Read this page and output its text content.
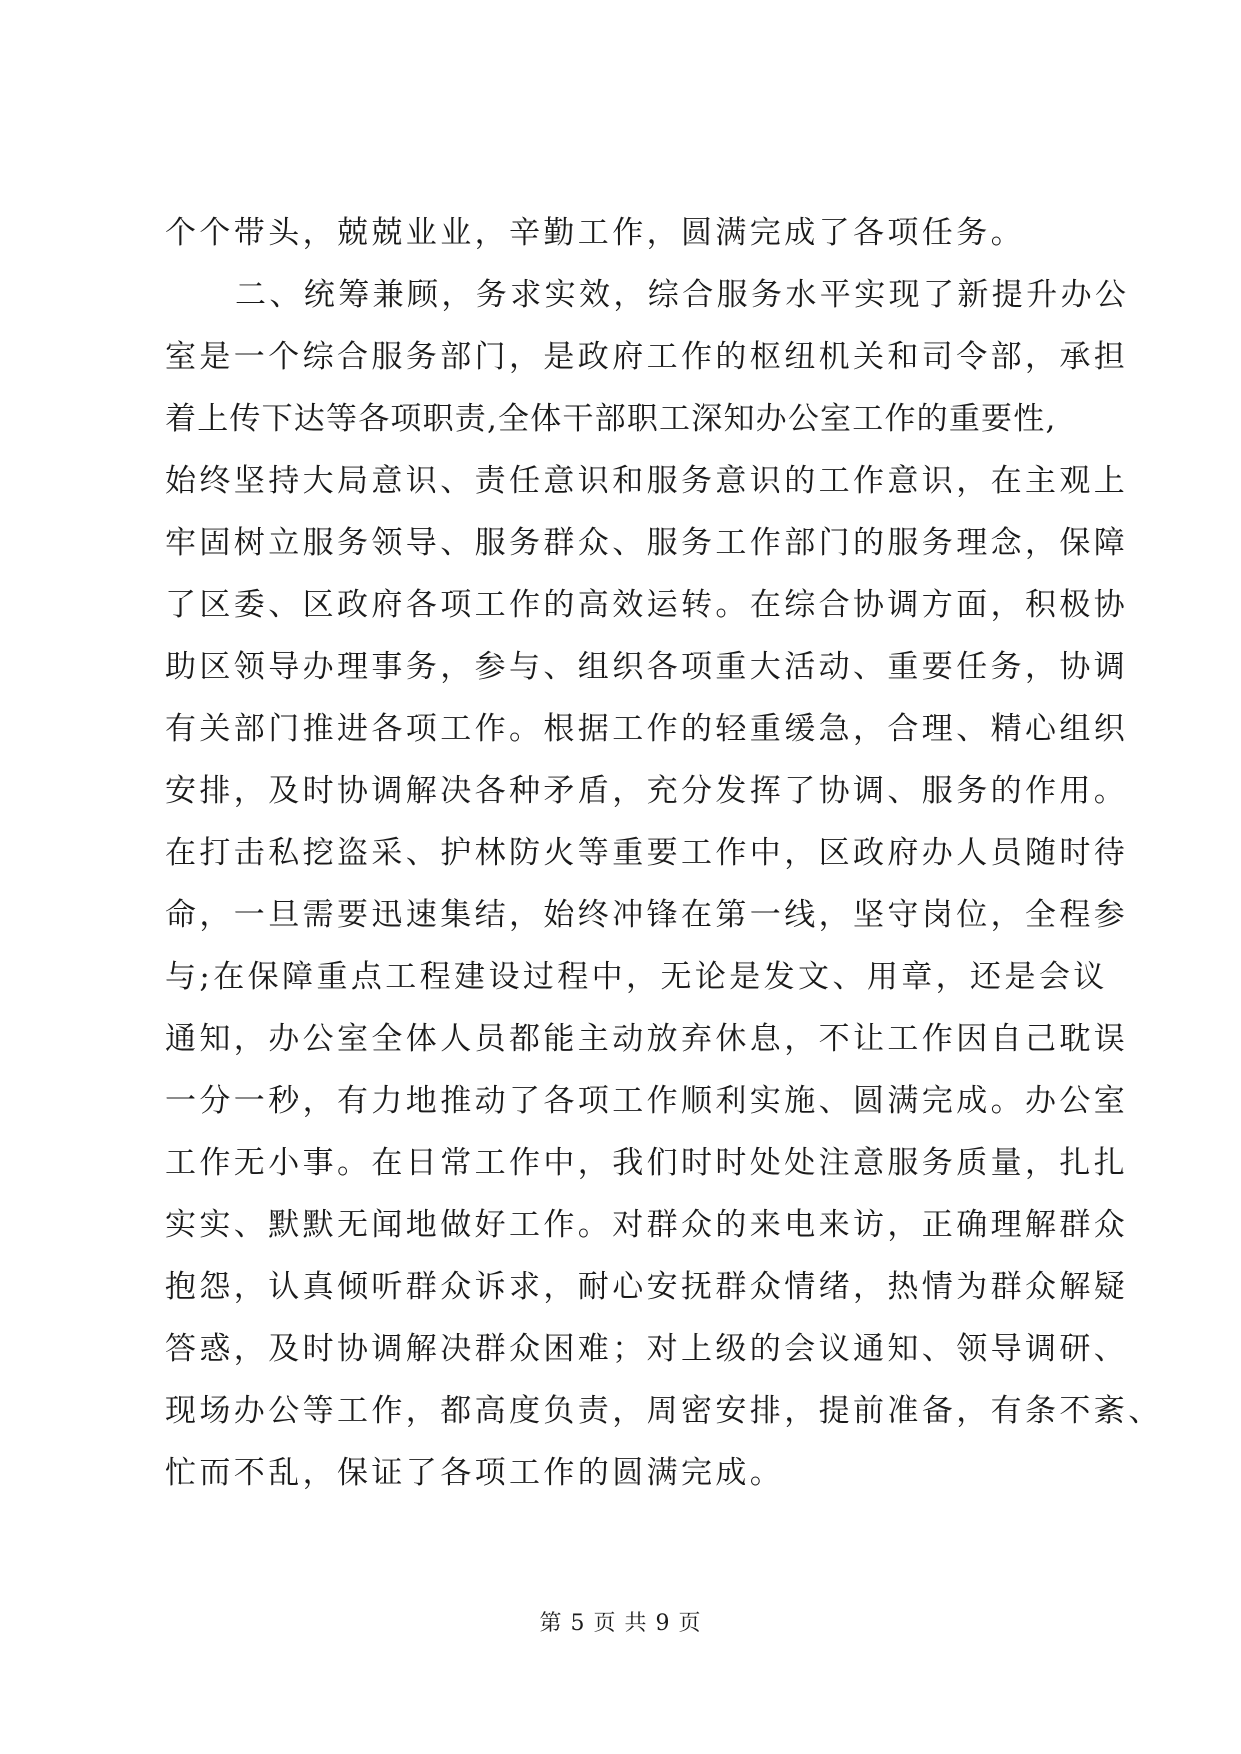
个个带头，兢兢业业，辛勤工作，圆满完成了各项任务。
二、统筹兼顾，务求实效，综合服务水平实现了新提升办公
室是一个综合服务部门，是政府工作的枢纽机关和司令部，承担
着上传下达等各项职责,全体干部职工深知办公室工作的重要性,
始终坚持大局意识、责任意识和服务意识的工作意识，在主观上
牢固树立服务领导、服务群众、服务工作部门的服务理念，保障
了区委、区政府各项工作的高效运转。在综合协调方面，积极协
助区领导办理事务，参与、组织各项重大活动、重要任务，协调
有关部门推进各项工作。根据工作的轻重缓急，合理、精心组织
安排，及时协调解决各种矛盾，充分发挥了协调、服务的作用。
在打击私挖盗采、护林防火等重要工作中，区政府办人员随时待
命，一旦需要迅速集结，始终冲锋在第一线，坚守岗位，全程参
与;在保障重点工程建设过程中，无论是发文、用章，还是会议
通知，办公室全体人员都能主动放弃休息，不让工作因自己耽误
一分一秒，有力地推动了各项工作顺利实施、圆满完成。办公室
工作无小事。在日常工作中，我们时时处处注意服务质量，扎扎
实实、默默无闻地做好工作。对群众的来电来访，正确理解群众
抱怨，认真倾听群众诉求，耐心安抚群众情绪，热情为群众解疑
答惑，及时协调解决群众困难；对上级的会议通知、领导调研、
现场办公等工作，都高度负责，周密安排，提前准备，有条不紊、
忙而不乱，保证了各项工作的圆满完成。
第 5 页 共 9 页
